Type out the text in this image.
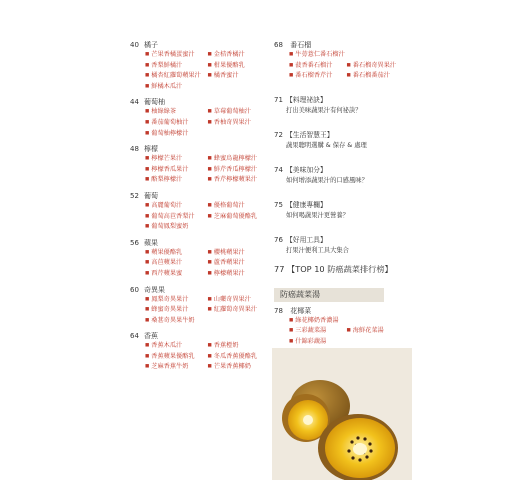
40 橘子
■ 芒果香橘蛋蜜汁	■ 金桔香橘汁
■ 香梨鮮橘汁	■ 柑果優酪乳
■ 橘杏紅蘿蔔蘋果汁	■ 橘香蜜汁
■ 鮮橘木瓜汁
44 葡萄柚
■ 柚綠綠茶	■ 草莓葡萄柚汁
■ 番茄葡萄柚汁	■ 香柚奇異果汁
■ 葡萄柚檸檬汁
48 檸檬
■ 檸檬芒果汁	■ 蜂蜜烏龍檸檬汁
■ 檸檬香瓜果汁	■ 鮮芹香瓜檸檬汁
■ 酪梨檸檬汁	■ 香芹檸檬蘋果汁
52 葡萄
■ 高麗葡萄汁	■ 優格葡萄汁
■ 葡萄高苣香梨汁	■ 芝麻葡萄優酪乳
■ 葡萄鳳梨蜜奶
56 蘋果
■ 蘋果優酪乳	■ 櫻桃蘋果汁
■ 高苣蘋果汁	■ 蘆香蘋果汁
■ 西芹蘋果蜜	■ 檸檬蘋果汁
60 奇異果
■ 鳳梨奇異果汁	■ 山藥奇異果汁
■ 蜂蜜奇異果汁	■ 紅蘿蔔奇異果汁
■ 桑葚奇異果牛奶
64 香蕉
■ 香蕉木瓜汁	■ 香蕉橙奶
■ 香蕉蘋果優酪乳	■ 冬瓜香蕉優酪乳
■ 芝麻香蕉牛奶	■ 芒果香蕉椰奶
68 番石榴
■ 牛蒡薏仁番石榴汁
■ 菠香番石榴汁	■ 番石榴奇異果汁
■ 番石榴香芹汁	■ 番石榴番茄汁
71 【料理祕訣】
打出美味蔬果汁有何祕訣？
72 【生活智慧王】
蔬果聰明選購 & 保存 & 處理
74 【美味加分】
如何增添蔬果汁的口感風味？
75 【健康專欄】
如何喝蔬果汁更營養？
76 【好用工具】
打果汁便利工具大集合
77 【TOP 10 防癌蔬菜排行榜】
防癌蔬菜湯
78 花椰菜
■ 綠花椰奶香濃湯
■ 三彩蔬菜湯	■ 海鮮花菜湯
■ 什錦彩蔬湯
■
